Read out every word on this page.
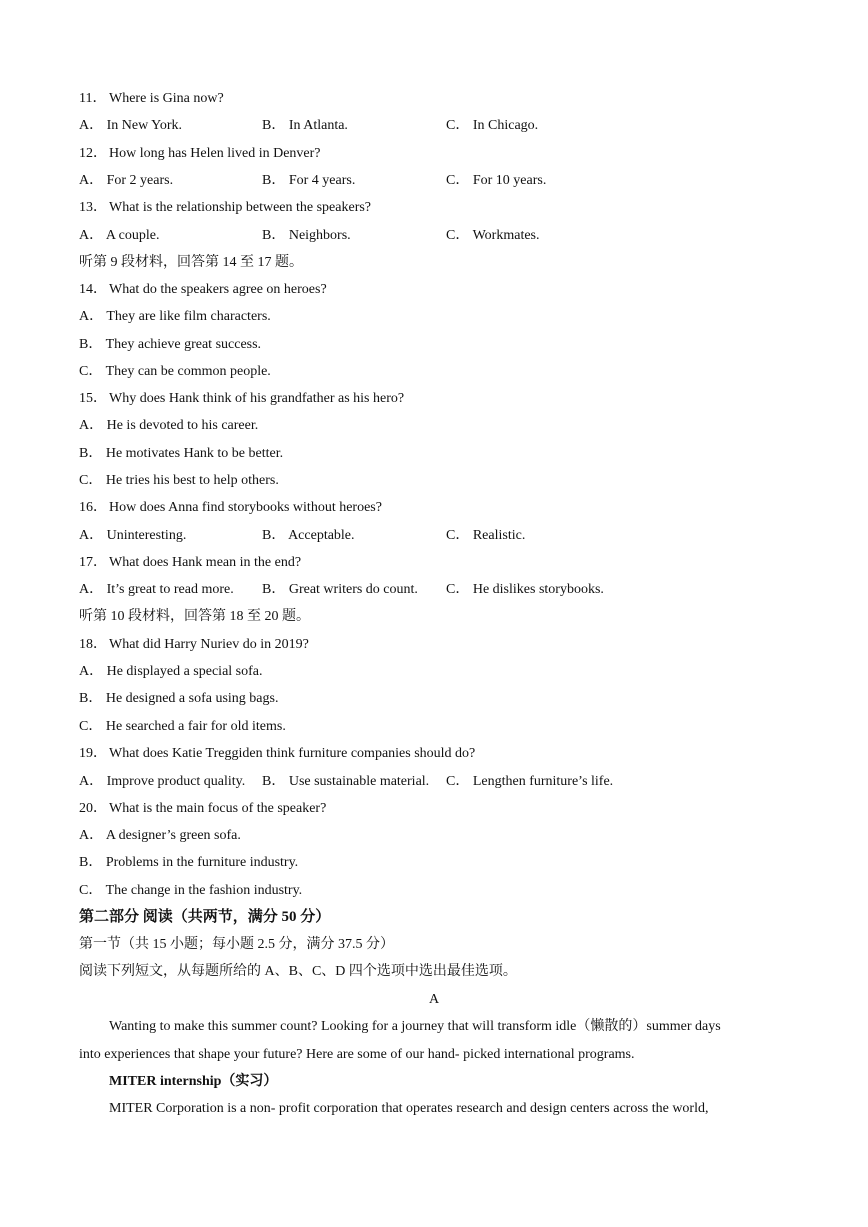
11． Where is Gina now?
A． In New York.	B． In Atlanta.	C． In Chicago.
12． How long has Helen lived in Denver?
A． For 2 years.	B． For 4 years.	C． For 10 years.
13． What is the relationship between the speakers?
A． A couple.	B． Neighbors.	C． Workmates.
听第 9 段材料，回答第 14 至 17 题。
14． What do the speakers agree on heroes?
A． They are like film characters.
B． They achieve great success.
C． They can be common people.
15． Why does Hank think of his grandfather as his hero?
A． He is devoted to his career.
B． He motivates Hank to be better.
C． He tries his best to help others.
16． How does Anna find storybooks without heroes?
A． Uninteresting.	B． Acceptable.	C． Realistic.
17． What does Hank mean in the end?
A． It’s great to read more. B． Great writers do count. C． He dislikes storybooks.
听第 10 段材料，回答第 18 至 20 题。
18． What did Harry Nuriev do in 2019?
A． He displayed a special sofa.
B． He designed a sofa using bags.
C． He searched a fair for old items.
19． What does Katie Treggiden think furniture companies should do?
A． Improve product quality. B． Use sustainable material. C． Lengthen furniture’s life.
20． What is the main focus of the speaker?
A． A designer’s green sofa.
B． Problems in the furniture industry.
C． The change in the fashion industry.
第二部分 阅读（共两节，满分 50 分）
第一节（共 15 小题；每小题 2.5 分，满分 37.5 分）
阅读下列短文，从每题所给的 A、B、C、D 四个选项中选出最佳选项。
A
Wanting to make this summer count? Looking for a journey that will transform idle（懒散的）summer days
into experiences that shape your future? Here are some of our hand- picked international programs.
MITER internship（实习）
MITER Corporation is a non- profit corporation that operates research and design centers across the world,
